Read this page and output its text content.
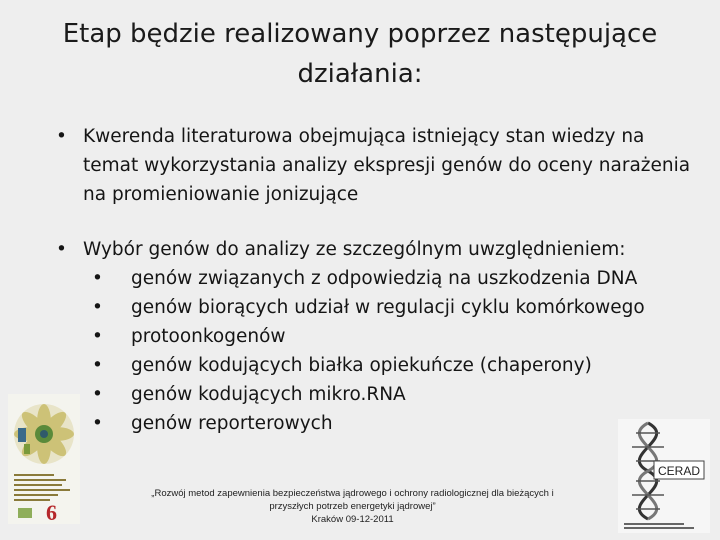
Etap będzie realizowany poprzez następujące działania:
• Kwerenda literaturowa obejmująca istniejący stan wiedzy na temat wykorzystania analizy ekspresji genów do oceny narażenia na promieniowanie jonizujące
• Wybór genów do analizy ze szczególnym uwzględnieniem:
• genów związanych z odpowiedzią na uszkodzenia DNA
• genów biorących udział w regulacji cyklu komórkowego
• protoonkogenów
• genów kodujących białka opiekuńcze (chaperony)
• genów kodujących mikro.RNA
• genów reporterowych
6
CERAD
„Rozwój metod zapewnienia bezpieczeństwa jądrowego i ochrony radiologicznej dla bieżących i
przyszłych potrzeb energetyki jądrowej”
Kraków 09-12-2011
